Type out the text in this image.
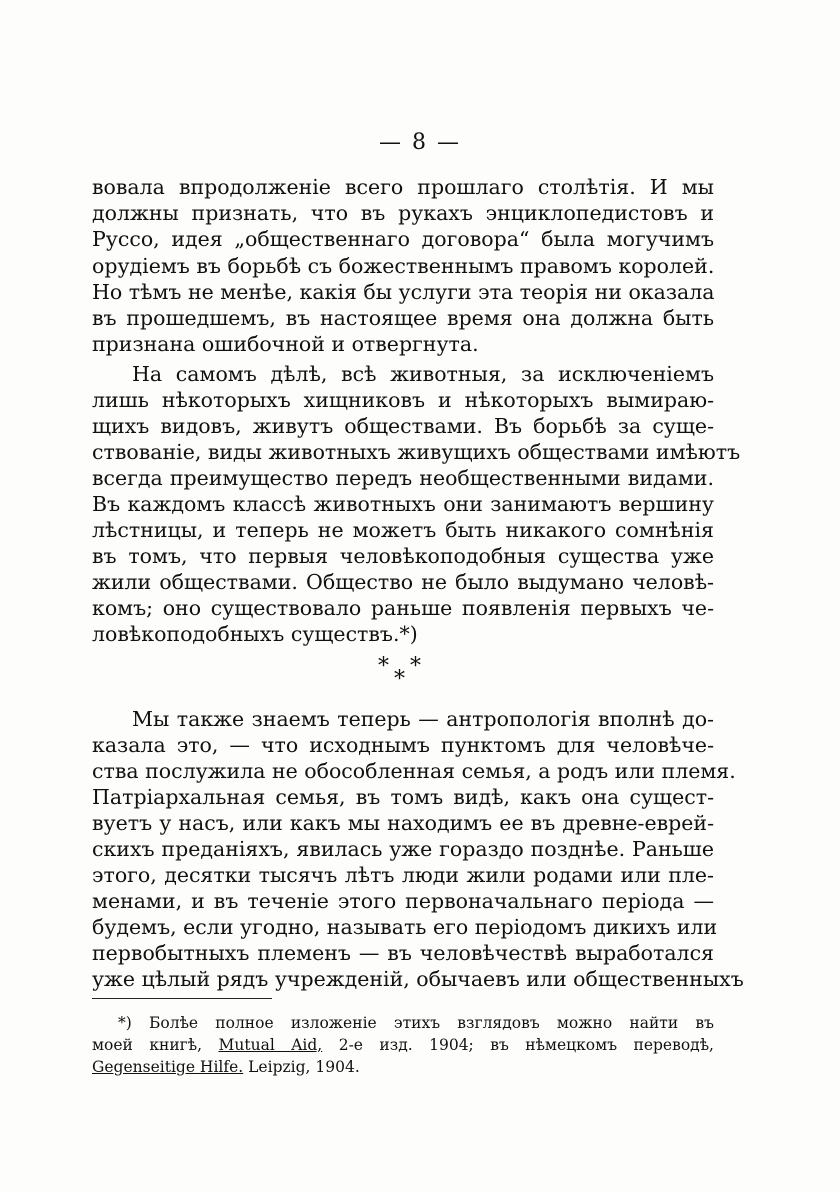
— 8 —
вовала впродолженіе всего прошлаго столѣтія. И мы
должны признать, что въ рукахъ энциклопедистовъ и
Руссо, идея „общественнаго договора“ была могучимъ
орудіемъ въ борьбѣ съ божественнымъ правомъ королей.
Но тѣмъ не менѣе, какія бы услуги эта теорія ни оказала
въ прошедшемъ, въ настоящее время она должна быть
признана ошибочной и отвергнута.
На самомъ дѣлѣ, всѣ животныя, за исключеніемъ
лишь нѣкоторыхъ хищниковъ и нѣкоторыхъ вымираю-
щихъ видовъ, живутъ обществами. Въ борьбѣ за суще-
ствованіе, виды животныхъ живущихъ обществами имѣютъ
всегда преимущество передъ необщественными видами.
Въ каждомъ классѣ животныхъ они занимаютъ вершину
лѣстницы, и теперь не можетъ быть никакого сомнѣнія
въ томъ, что первыя человѣкоподобныя существа уже
жили обществами. Общество не было выдумано человѣ-
комъ; оно существовало раньше появленія первыхъ че-
ловѣкоподобныхъ существъ.*)
* *
*
Мы также знаемъ теперь — антропологія вполнѣ до-
казала это, — что исходнымъ пунктомъ для человѣче-
ства послужила не обособленная семья, а родъ или племя.
Патріархальная семья, въ томъ видѣ, какъ она сущест-
вуетъ у насъ, или какъ мы находимъ ее въ древне-еврей-
скихъ преданіяхъ, явилась уже гораздо позднѣе. Раньше
этого, десятки тысячъ лѣтъ люди жили родами или пле-
менами, и въ теченіе этого первоначальнаго періода —
будемъ, если угодно, называть его періодомъ дикихъ или
первобытныхъ племенъ — въ человѣчествѣ выработался
уже цѣлый рядъ учрежденій, обычаевъ или общественныхъ
*) Болѣе полное изложеніе этихъ взглядовъ можно найти въ
моей книгѣ, Mutual Aid, 2-е изд. 1904; въ нѣмецкомъ переводѣ,
Gegenseitige Hilfe. Leipzig, 1904.
